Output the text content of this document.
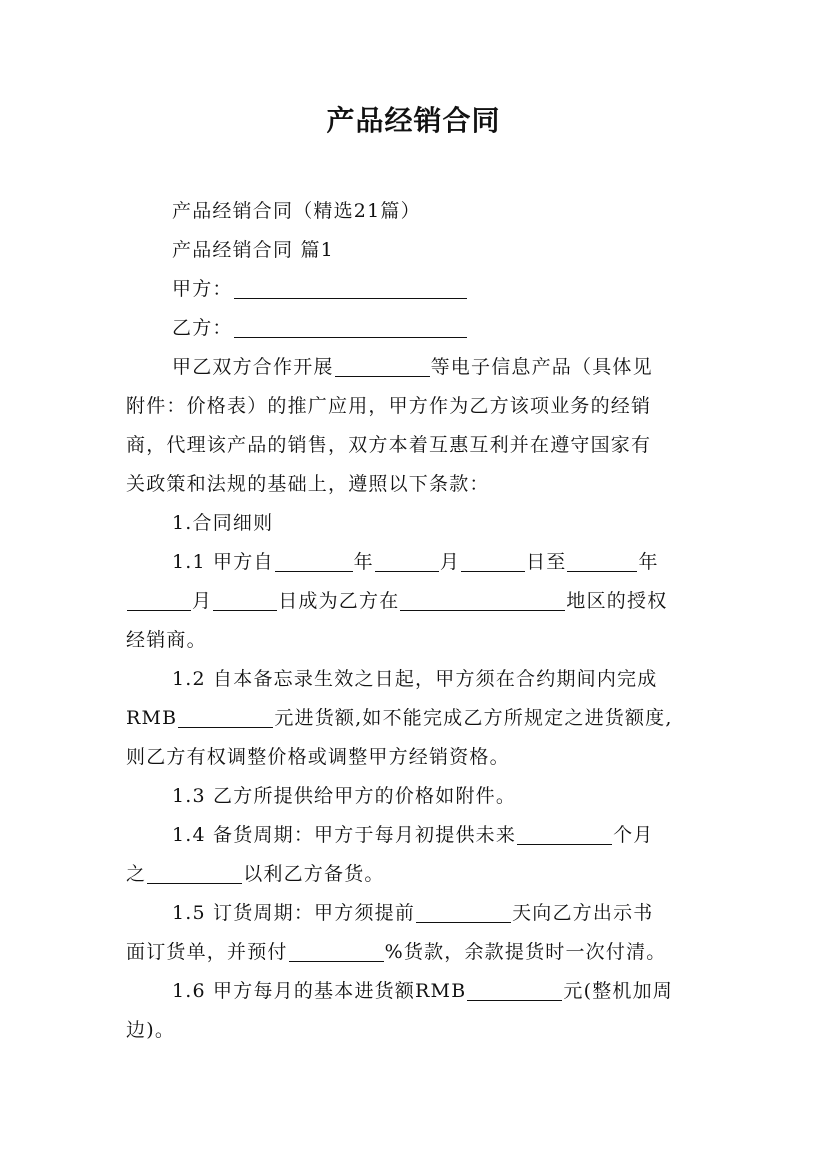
产品经销合同
产品经销合同（精选21篇）
产品经销合同 篇1
甲方：
乙方：
甲乙双方合作开展	等电子信息产品（具体见
附件：价格表）的推广应用，甲方作为乙方该项业务的经销
商，代理该产品的销售，双方本着互惠互利并在遵守国家有
关政策和法规的基础上，遵照以下条款：
1.合同细则
1.1 甲方自	年	月	日至	年
月	日成为乙方在	地区的授权
经销商。
1.2 自本备忘录生效之日起，甲方须在合约期间内完成
RMB	元进货额,如不能完成乙方所规定之进货额度,
则乙方有权调整价格或调整甲方经销资格。
1.3 乙方所提供给甲方的价格如附件。
1.4 备货周期：甲方于每月初提供未来	个月
之	以利乙方备货。
1.5 订货周期：甲方须提前	天向乙方出示书
面订货单，并预付	%货款，余款提货时一次付清。
1.6 甲方每月的基本进货额RMB	元(整机加周
边)。
